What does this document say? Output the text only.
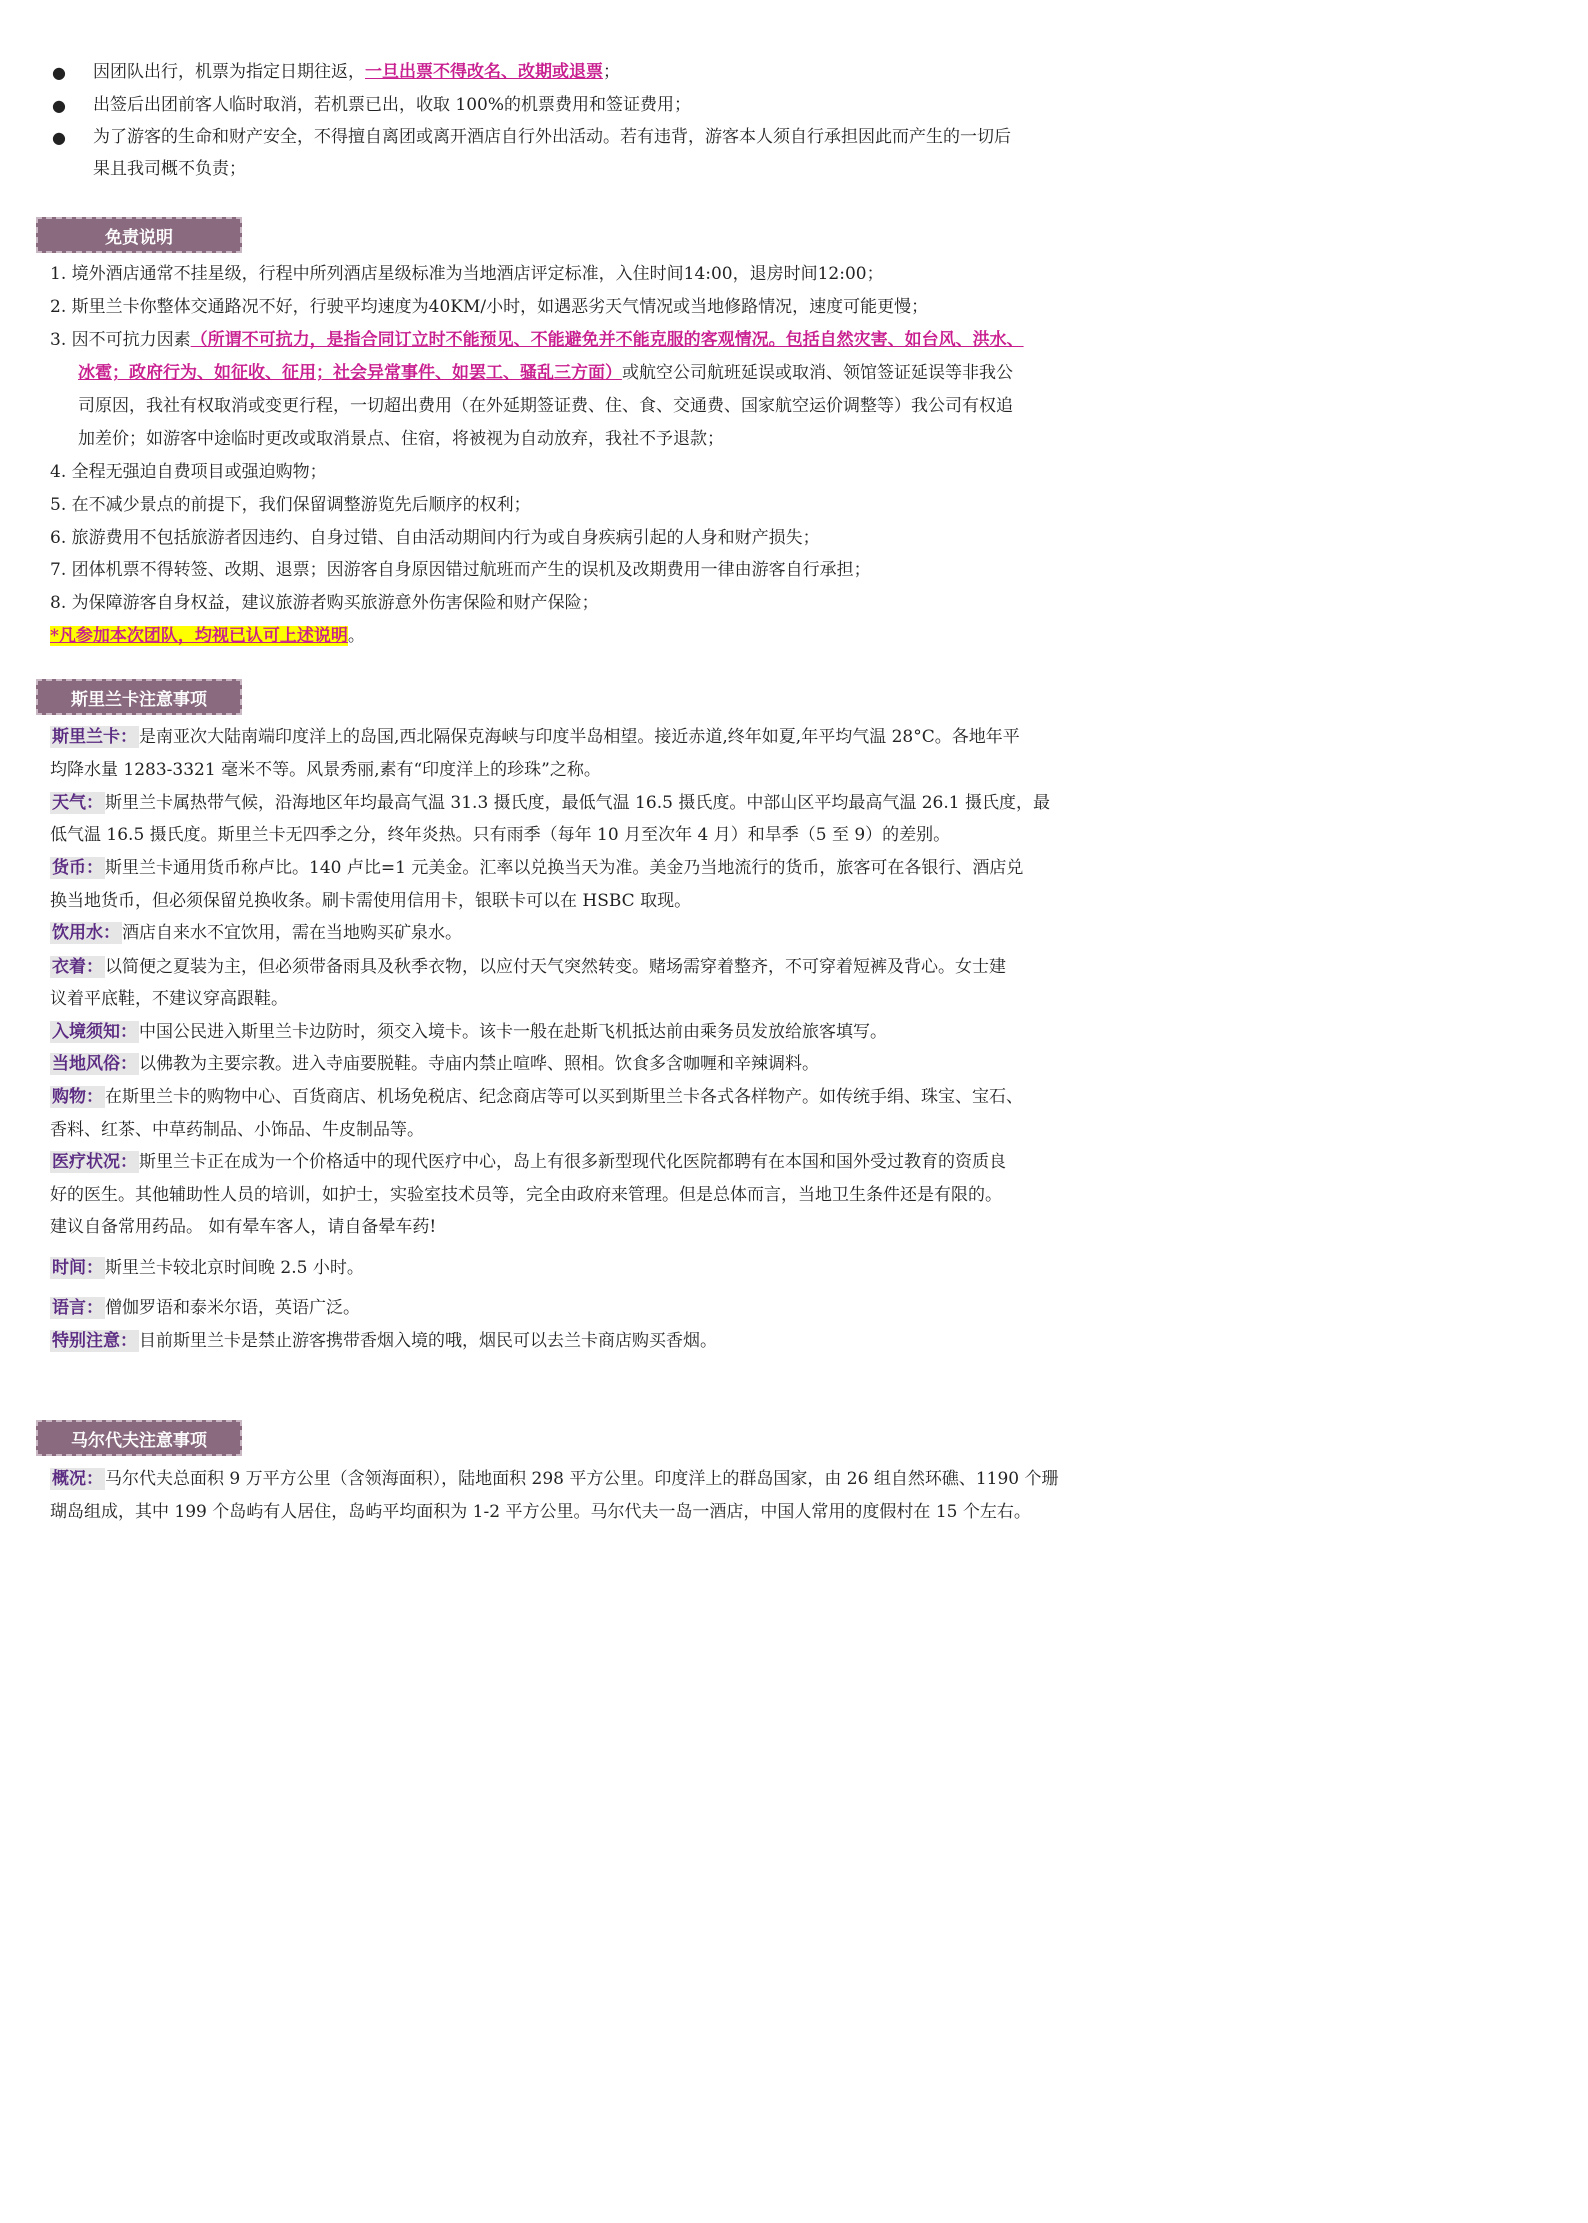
● 因团队出行，机票为指定日期往返，一旦出票不得改名、改期或退票；
● 出签后出团前客人临时取消，若机票已出，收取 100%的机票费用和签证费用；
● 为了游客的生命和财产安全，不得擅自离团或离开酒店自行外出活动。若有违背，游客本人须自行承担因此而产生的一切后
果且我司概不负责；
免责说明
1. 境外酒店通常不挂星级，行程中所列酒店星级标准为当地酒店评定标准，入住时间14:00，退房时间12:00；
2. 斯里兰卡你整体交通路况不好，行驶平均速度为40KM/小时，如遇恶劣天气情况或当地修路情况，速度可能更慢；
3. 因不可抗力因素（所谓不可抗力，是指合同订立时不能预见、不能避免并不能克服的客观情况。包括自然灾害、如台风、洪水、
冰雹；政府行为、如征收、征用；社会异常事件、如罢工、骚乱三方面）或航空公司航班延误或取消、领馆签证延误等非我公
司原因，我社有权取消或变更行程，一切超出费用（在外延期签证费、住、食、交通费、国家航空运价调整等）我公司有权追
加差价；如游客中途临时更改或取消景点、住宿，将被视为自动放弃，我社不予退款；
4. 全程无强迫自费项目或强迫购物；
5. 在不减少景点的前提下，我们保留调整游览先后顺序的权利；
6. 旅游费用不包括旅游者因违约、自身过错、自由活动期间内行为或自身疾病引起的人身和财产损失；
7. 团体机票不得转签、改期、退票；因游客自身原因错过航班而产生的误机及改期费用一律由游客自行承担；
8. 为保障游客自身权益，建议旅游者购买旅游意外伤害保险和财产保险；
*凡参加本次团队，均视已认可上述说明。
斯里兰卡注意事项
斯里兰卡： 是南亚次大陆南端印度洋上的岛国,西北隔保克海峡与印度半岛相望。接近赤道,终年如夏,年平均气温 28°C。各地年平
均降水量 1283-3321 毫米不等。风景秀丽,素有“印度洋上的珍珠”之称。
天气： 斯里兰卡属热带气候，沿海地区年均最高气温 31.3 摄氏度，最低气温 16.5 摄氏度。中部山区平均最高气温 26.1 摄氏度，最
低气温 16.5 摄氏度。斯里兰卡无四季之分，终年炎热。只有雨季（每年 10 月至次年 4 月）和旱季（5 至 9）的差别。
货币： 斯里兰卡通用货币称卢比。140 卢比=1 元美金。汇率以兑换当天为准。美金乃当地流行的货币，旅客可在各银行、酒店兑
换当地货币，但必须保留兑换收条。刷卡需使用信用卡，银联卡可以在 HSBC 取现。
饮用水： 酒店自来水不宜饮用，需在当地购买矿泉水。
衣着： 以简便之夏装为主，但必须带备雨具及秋季衣物，以应付天气突然转变。赌场需穿着整齐，不可穿着短裤及背心。女士建
议着平底鞋，不建议穿高跟鞋。
入境须知： 中国公民进入斯里兰卡边防时，须交入境卡。该卡一般在赴斯飞机抵达前由乘务员发放给旅客填写。
当地风俗： 以佛教为主要宗教。进入寺庙要脱鞋。寺庙内禁止喧哗、照相。饮食多含咖喱和辛辣调料。
购物： 在斯里兰卡的购物中心、百货商店、机场免税店、纪念商店等可以买到斯里兰卡各式各样物产。如传统手绢、珠宝、宝石、
香料、红茶、中草药制品、小饰品、牛皮制品等。
医疗状况： 斯里兰卡正在成为一个价格适中的现代医疗中心，岛上有很多新型现代化医院都聘有在本国和国外受过教育的资质良
好的医生。其他辅助性人员的培训，如护士，实验室技术员等，完全由政府来管理。但是总体而言，当地卫生条件还是有限的。
建议自备常用药品。 如有晕车客人，请自备晕车药!
时间： 斯里兰卡较北京时间晚 2.5 小时。
语言： 僧伽罗语和泰米尔语，英语广泛。
特别注意： 目前斯里兰卡是禁止游客携带香烟入境的哦，烟民可以去兰卡商店购买香烟。
马尔代夫注意事项
概况： 马尔代夫总面积 9 万平方公里（含领海面积），陆地面积 298 平方公里。印度洋上的群岛国家，由 26 组自然环礁、1190 个珊
瑚岛组成，其中 199 个岛屿有人居住，岛屿平均面积为 1-2 平方公里。马尔代夫一岛一酒店，中国人常用的度假村在 15 个左右。
